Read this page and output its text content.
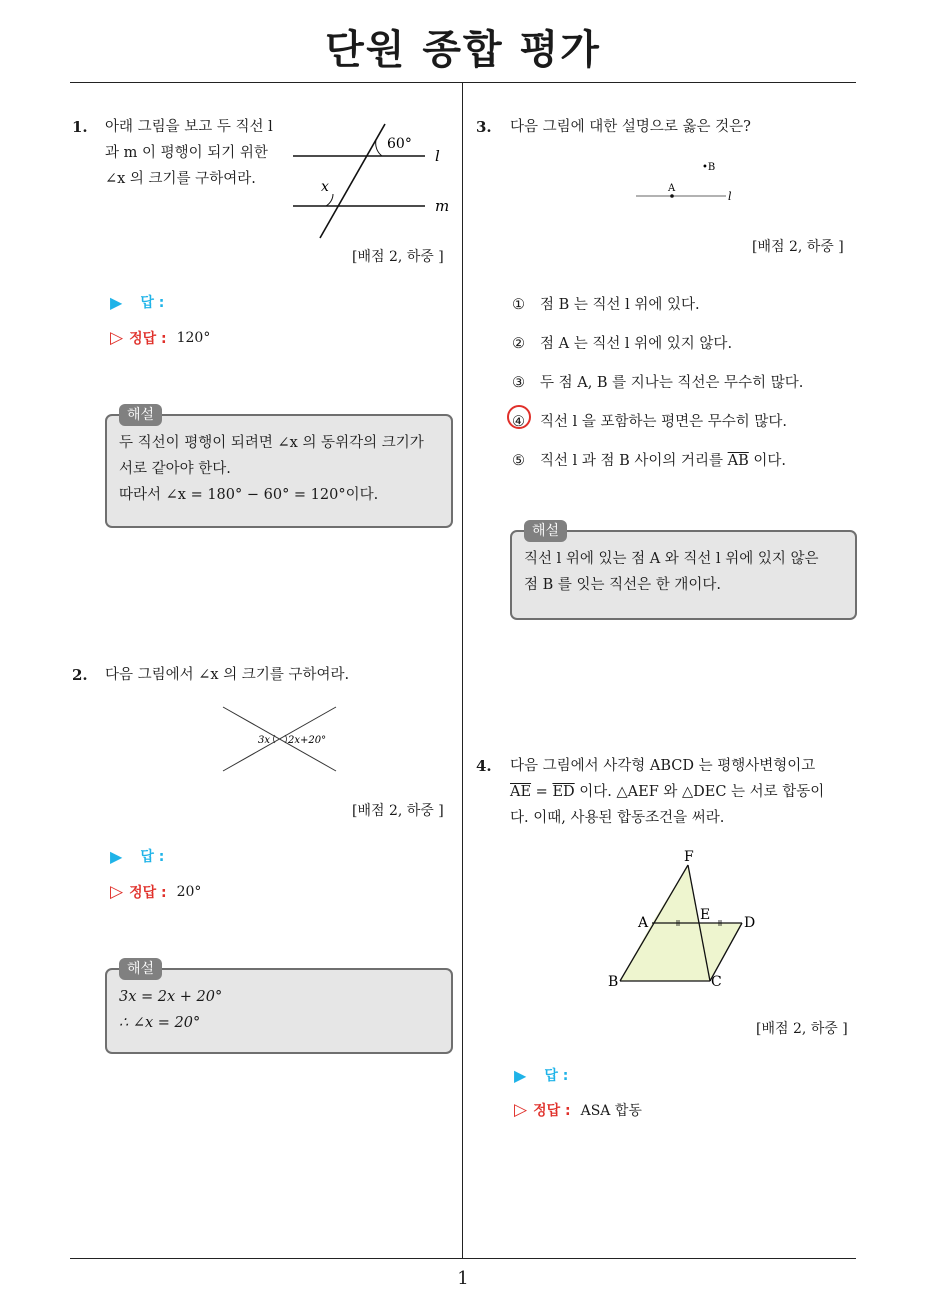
단원 종합 평가
1
1. 아래 그림을 보고 두 직선 l
과 m 이 평행이 되기 위한
∠x 의 크기를 구하여라.
60°
l
m
x
[배점 2, 하중 ]
▶ 답 :
▷ 정답 : 120°
해설
두 직선이 평행이 되려면 ∠x 의 동위각의 크기가
서로 같아야 한다.
따라서 ∠x = 180° − 60° = 120°이다.
2. 다음 그림에서 ∠x 의 크기를 구하여라.
3x 2x+20°
[배점 2, 하중 ]
▶ 답 :
▷ 정답 : 20°
해설
3x = 2x + 20°
∴ ∠x = 20°
3. 다음 그림에 대한 설명으로 옳은 것은?
A
•B
l
[배점 2, 하중 ]
① 점 B 는 직선 l 위에 있다.
② 점 A 는 직선 l 위에 있지 않다.
③ 두 점 A, B 를 지나는 직선은 무수히 많다.
④ 직선 l 을 포함하는 평면은 무수히 많다.
⑤ 직선 l 과 점 B 사이의 거리를 $\overline{AB}$ 이다.
해설
직선 l 위에 있는 점 A 와 직선 l 위에 있지 않은
점 B 를 잇는 직선은 한 개이다.
4. 다음 그림에서 사각형 ABCD 는 평행사변형이고
$\overline{AE} = \overline{ED}$ 이다. △AEF 와 △DEC 는 서로 합동이
다. 이때, 사용된 합동조건을 써라.
F
A	E D
B	C
[배점 2, 하중 ]
▶ 답 :
▷ 정답 : ASA 합동
